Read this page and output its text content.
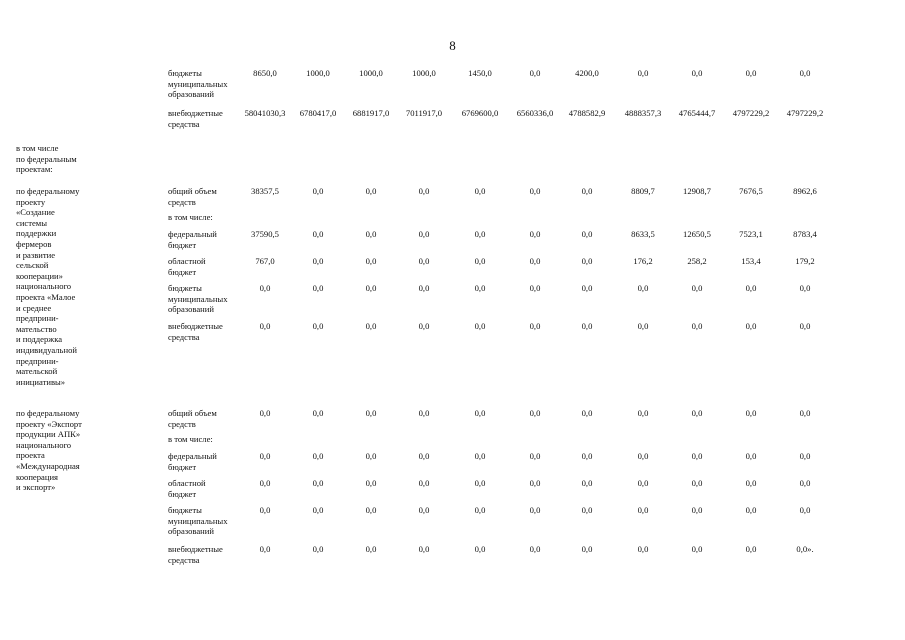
8
бюджеты
муниципальных
образований
8650,0	1000,0	1000,0	1000,0	1450,0	0,0	4200,0	0,0	0,0	0,0	0,0
внебюджетные
средства
58041030,3	6780417,0	6881917,0	7011917,0	6769600,0	6560336,0	4788582,9	4888357,3	4765444,7	4797229,2	4797229,2
в том числе
по федеральным
проектам:
по федеральному
проекту
«Создание
системы
поддержки
фермеров
и развитие
сельской
кооперации»
национального
проекта «Малое
и среднее
предприни-
мательство
и поддержка
индивидуальной
предприни-
мательской
инициативы»
общий объем
средств
38357,5	0,0	0,0	0,0	0,0	0,0	0,0	8809,7	12908,7	7676,5	8962,6
в том числе:
федеральный
бюджет
37590,5	0,0	0,0	0,0	0,0	0,0	0,0	8633,5	12650,5	7523,1	8783,4
областной
бюджет
767,0	0,0	0,0	0,0	0,0	0,0	0,0	176,2	258,2	153,4	179,2
бюджеты
муниципальных
образований
0,0	0,0	0,0	0,0	0,0	0,0	0,0	0,0	0,0	0,0	0,0
внебюджетные
средства
0,0	0,0	0,0	0,0	0,0	0,0	0,0	0,0	0,0	0,0	0,0
по федеральному
проекту «Экспорт
продукции АПК»
национального
проекта
«Международная
кооперация
и экспорт»
общий объем
средств
0,0	0,0	0,0	0,0	0,0	0,0	0,0	0,0	0,0	0,0	0,0
в том числе:
федеральный
бюджет
0,0	0,0	0,0	0,0	0,0	0,0	0,0	0,0	0,0	0,0	0,0
областной
бюджет
0,0	0,0	0,0	0,0	0,0	0,0	0,0	0,0	0,0	0,0	0,0
бюджеты
муниципальных
образований
0,0	0,0	0,0	0,0	0,0	0,0	0,0	0,0	0,0	0,0	0,0
внебюджетные
средства
0,0	0,0	0,0	0,0	0,0	0,0	0,0	0,0	0,0	0,0	0,0».
